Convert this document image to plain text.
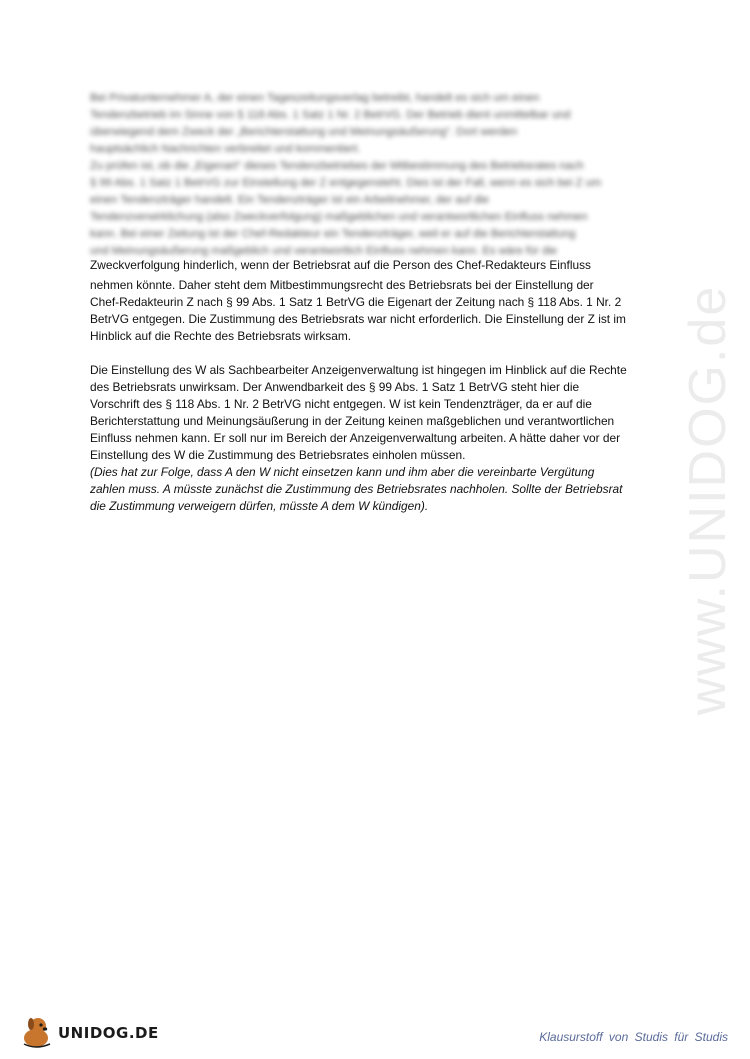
www.UNIDOG.de

Bei Privatunternehmer A, der einen Tageszeitungsverlag betreibt, handelt es sich um einen

Tendenzbetrieb im Sinne von § 118 Abs. 1 Satz 1 Nr. 2 BetrVG. Der Betrieb dient unmittelbar und

überwiegend dem Zweck der „Berichterstattung und Meinungsäußerung“. Dort werden

hauptsächlich Nachrichten verbreitet und kommentiert.

Zu prüfen ist, ob die „Eigenart“ dieses Tendenzbetriebes der Mitbestimmung des Betriebsrates nach

§ 99 Abs. 1 Satz 1 BetrVG zur Einstellung der Z entgegensteht. Dies ist der Fall, wenn es sich bei Z um

einen Tendenzträger handelt. Ein Tendenzträger ist ein Arbeitnehmer, der auf die

Tendenzverwirklichung (also Zweckverfolgung) maßgeblichen und verantwortlichen Einfluss nehmen

kann. Bei einer Zeitung ist der Chef-Redakteur ein Tendenzträger, weil er auf die Berichterstattung

und Meinungsäußerung maßgeblich und verantwortlich Einfluss nehmen kann. Es wäre für die

Zweckverfolgung hinderlich, wenn der Betriebsrat auf die Person des Chef-Redakteurs Einfluss

nehmen könnte. Daher steht dem Mitbestimmungsrecht des Betriebsrats bei der Einstellung der

Chef-Redakteurin Z nach § 99 Abs. 1 Satz 1 BetrVG die Eigenart der Zeitung nach § 118 Abs. 1 Nr. 2

BetrVG entgegen. Die Zustimmung des Betriebsrats war nicht erforderlich. Die Einstellung der Z ist im

Hinblick auf die Rechte des Betriebsrats wirksam.

Die Einstellung des W als Sachbearbeiter Anzeigenverwaltung ist hingegen im Hinblick auf die Rechte

des Betriebsrats unwirksam. Der Anwendbarkeit des § 99 Abs. 1 Satz 1 BetrVG steht hier die

Vorschrift des § 118 Abs. 1 Nr. 2 BetrVG nicht entgegen. W ist kein Tendenzträger, da er auf die

Berichterstattung und Meinungsäußerung in der Zeitung keinen maßgeblichen und verantwortlichen

Einfluss nehmen kann. Er soll nur im Bereich der Anzeigenverwaltung arbeiten. A hätte daher vor der

Einstellung des W die Zustimmung des Betriebsrates einholen müssen.

(Dies hat zur Folge, dass A den W nicht einsetzen kann und ihm aber die vereinbarte Vergütung

zahlen muss. A müsste zunächst die Zustimmung des Betriebsrates nachholen. Sollte der Betriebsrat

die Zustimmung verweigern dürfen, müsste A dem W kündigen).

UNIDOG.DE	Klausurstoff von Studis für Studis
